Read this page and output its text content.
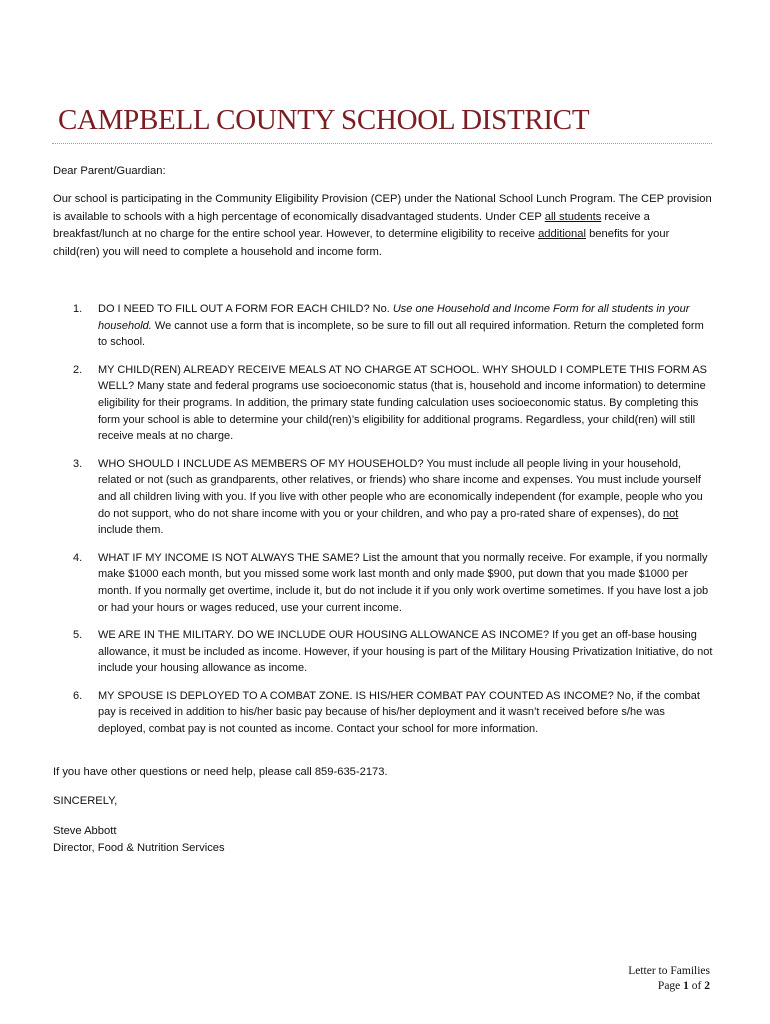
CAMPBELL COUNTY SCHOOL DISTRICT

Dear Parent/Guardian:

Our school is participating in the Community Eligibility Provision (CEP) under the National School Lunch Program. The CEP provision is available to schools with a high percentage of economically disadvantaged students. Under CEP all students receive a breakfast/lunch at no charge for the entire school year. However, to determine eligibility to receive additional benefits for your child(ren) you will need to complete a household and income form.

1. DO I NEED TO FILL OUT A FORM FOR EACH CHILD? No. Use one Household and Income Form for all students in your household. We cannot use a form that is incomplete, so be sure to fill out all required information. Return the completed form to school.
2. MY CHILD(REN) ALREADY RECEIVE MEALS AT NO CHARGE AT SCHOOL. WHY SHOULD I COMPLETE THIS FORM AS WELL? Many state and federal programs use socioeconomic status (that is, household and income information) to determine eligibility for their programs. In addition, the primary state funding calculation uses socioeconomic status. By completing this form your school is able to determine your child(ren)’s eligibility for additional programs. Regardless, your child(ren) will still receive meals at no charge.
3. WHO SHOULD I INCLUDE AS MEMBERS OF MY HOUSEHOLD? You must include all people living in your household, related or not (such as grandparents, other relatives, or friends) who share income and expenses. You must include yourself and all children living with you. If you live with other people who are economically independent (for example, people who you do not support, who do not share income with you or your children, and who pay a pro-rated share of expenses), do not include them.
4. WHAT IF MY INCOME IS NOT ALWAYS THE SAME? List the amount that you normally receive. For example, if you normally make $1000 each month, but you missed some work last month and only made $900, put down that you made $1000 per month. If you normally get overtime, include it, but do not include it if you only work overtime sometimes. If you have lost a job or had your hours or wages reduced, use your current income.
5. WE ARE IN THE MILITARY. DO WE INCLUDE OUR HOUSING ALLOWANCE AS INCOME? If you get an off-base housing allowance, it must be included as income. However, if your housing is part of the Military Housing Privatization Initiative, do not include your housing allowance as income.
6. MY SPOUSE IS DEPLOYED TO A COMBAT ZONE. IS HIS/HER COMBAT PAY COUNTED AS INCOME? No, if the combat pay is received in addition to his/her basic pay because of his/her deployment and it wasn’t received before s/he was deployed, combat pay is not counted as income. Contact your school for more information.

If you have other questions or need help, please call 859-635-2173.

SINCERELY,

Steve Abbott

Director, Food & Nutrition Services

Letter to Families
Page 1 of 2
